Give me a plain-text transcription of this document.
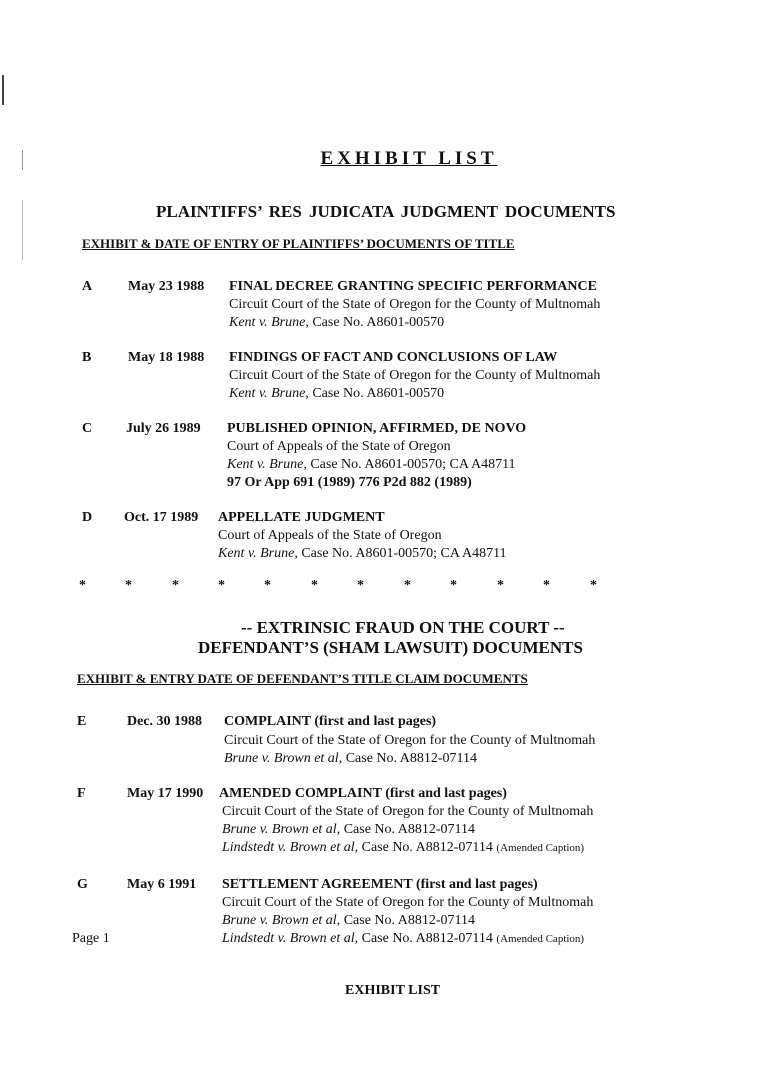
EXHIBIT LIST
PLAINTIFFS’ RES JUDICATA JUDGMENT DOCUMENTS
EXHIBIT & DATE OF ENTRY OF PLAINTIFFS’ DOCUMENTS OF TITLE
A	May 23 1988 FINAL DECREE GRANTING SPECIFIC PERFORMANCE
Circuit Court of the State of Oregon for the County of Multnomah
Kent v. Brune, Case No. A8601-00570
B	May 18 1988 FINDINGS OF FACT AND CONCLUSIONS OF LAW
Circuit Court of the State of Oregon for the County of Multnomah
Kent v. Brune, Case No. A8601-00570
C July 26 1989 PUBLISHED OPINION, AFFIRMED, DE NOVO
Court of Appeals of the State of Oregon
Kent v. Brune, Case No. A8601-00570; CA A48711
97 Or App 691 (1989) 776 P2d 882 (1989)
D Oct. 17 1989 APPELLATE JUDGMENT
Court of Appeals of the State of Oregon
Kent v. Brune, Case No. A8601-00570; CA A48711
*	*	*	*	*	*	*	*	*	*	*	*
-- EXTRINSIC FRAUD ON THE COURT --
DEFENDANT’S (SHAM LAWSUIT) DOCUMENTS
EXHIBIT & ENTRY DATE OF DEFENDANT’S TITLE CLAIM DOCUMENTS
E	Dec. 30 1988 COMPLAINT (first and last pages)
Circuit Court of the State of Oregon for the County of Multnomah
Brune v. Brown et al, Case No. A8812-07114
F	May 17 1990 AMENDED COMPLAINT (first and last pages)
Circuit Court of the State of Oregon for the County of Multnomah
Brune v. Brown et al, Case No. A8812-07114
Lindstedt v. Brown et al, Case No. A8812-07114 (Amended Caption)
G	May 6 1991 SETTLEMENT AGREEMENT (first and last pages)
Circuit Court of the State of Oregon for the County of Multnomah
Brune v. Brown et al, Case No. A8812-07114
Lindstedt v. Brown et al, Case No. A8812-07114 (Amended Caption)
Page 1
EXHIBIT LIST
